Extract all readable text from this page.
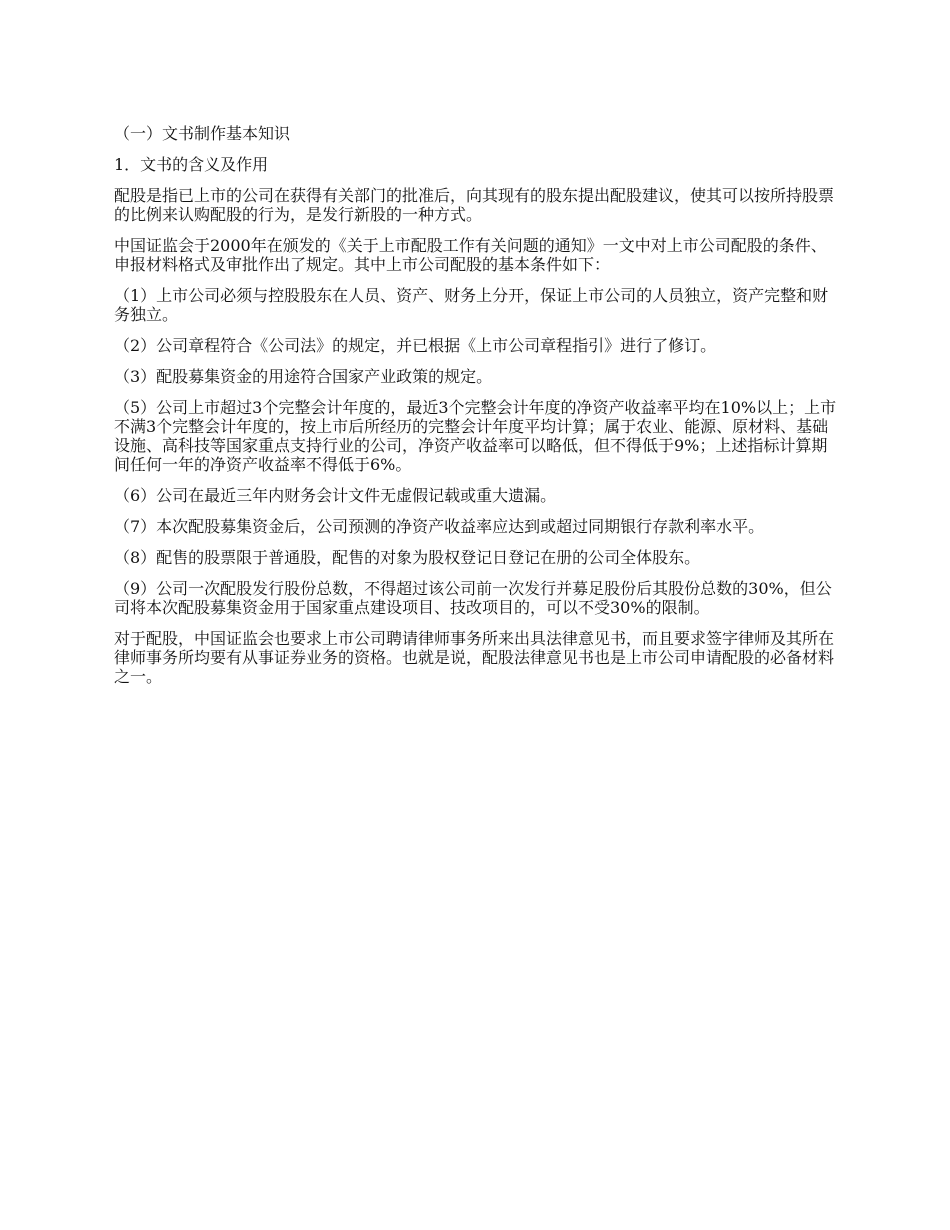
（一）文书制作基本知识

1．文书的含义及作用

配股是指已上市的公司在获得有关部门的批准后，向其现有的股东提出配股建议，使其可以按所持股票的比例来认购配股的行为，是发行新股的一种方式。

中国证监会于2000年在颁发的《关于上市配股工作有关问题的通知》一文中对上市公司配股的条件、申报材料格式及审批作出了规定。其中上市公司配股的基本条件如下：

（1）上市公司必须与控股股东在人员、资产、财务上分开，保证上市公司的人员独立，资产完整和财务独立。

（2）公司章程符合《公司法》的规定，并已根据《上市公司章程指引》进行了修订。

（3）配股募集资金的用途符合国家产业政策的规定。

（5）公司上市超过3个完整会计年度的，最近3个完整会计年度的净资产收益率平均在10%以上；上市不满3个完整会计年度的，按上市后所经历的完整会计年度平均计算；属于农业、能源、原材料、基础设施、高科技等国家重点支持行业的公司，净资产收益率可以略低，但不得低于9%；上述指标计算期间任何一年的净资产收益率不得低于6%。

（6）公司在最近三年内财务会计文件无虚假记载或重大遗漏。

（7）本次配股募集资金后，公司预测的净资产收益率应达到或超过同期银行存款利率水平。

（8）配售的股票限于普通股，配售的对象为股权登记日登记在册的公司全体股东。

（9）公司一次配股发行股份总数，不得超过该公司前一次发行并募足股份后其股份总数的30%，但公司将本次配股募集资金用于国家重点建设项目、技改项目的，可以不受30%的限制。

对于配股，中国证监会也要求上市公司聘请律师事务所来出具法律意见书，而且要求签字律师及其所在律师事务所均要有从事证券业务的资格。也就是说，配股法律意见书也是上市公司申请配股的必备材料之一。
